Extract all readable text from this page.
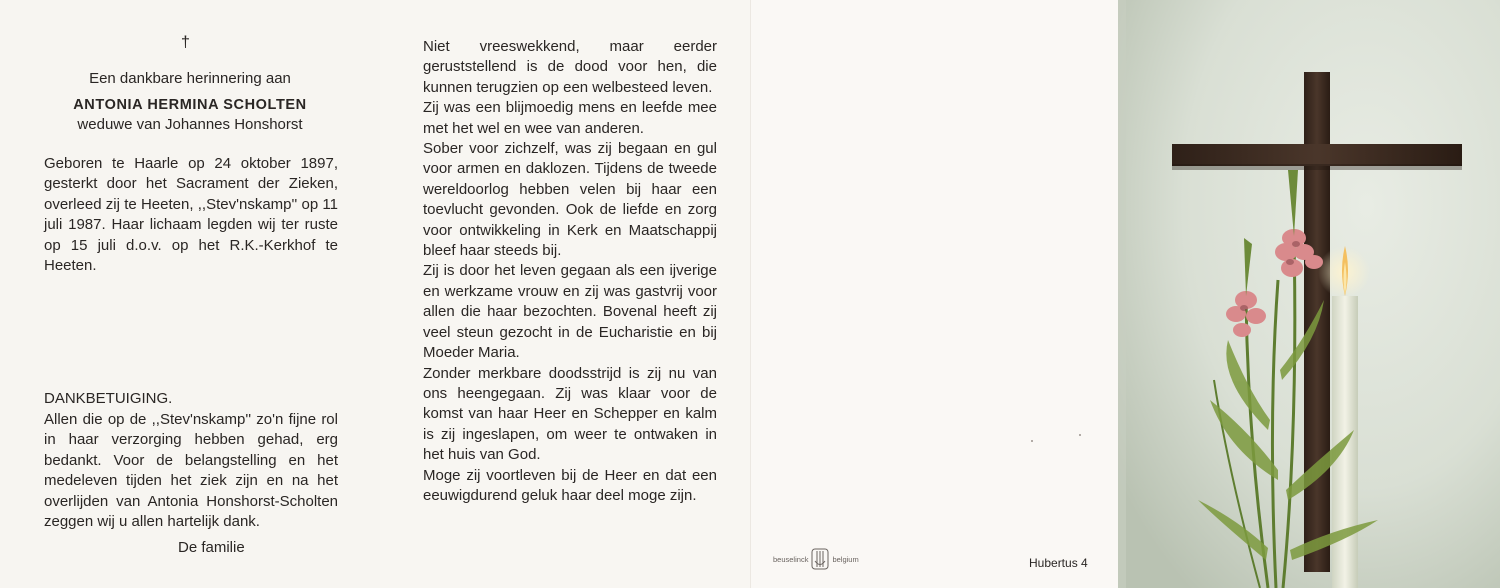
†
Een dankbare herinnering aan
ANTONIA HERMINA SCHOLTEN
weduwe van Johannes Honshorst
Geboren te Haarle op 24 oktober 1897, gesterkt door het Sacrament der Zieken, overleed zij te Heeten, ,,Stev'nskamp'' op 11 juli 1987. Haar lichaam legden wij ter ruste op 15 juli d.o.v. op het R.K.-Kerkhof te Heeten.
DANKBETUIGING.
Allen die op de ,,Stev'nskamp'' zo'n fijne rol in haar verzorging hebben gehad, erg bedankt. Voor de belangstelling en het medeleven tijden het ziek zijn en na het overlijden van Antonia Honshorst-Scholten zeggen wij u allen hartelijk dank.
De familie

Niet vreeswekkend, maar eerder geruststellend is de dood voor hen, die kunnen terugzien op een welbesteed leven.

Zij was een blijmoedig mens en leefde mee met het wel en wee van anderen.

Sober voor zichzelf, was zij begaan en gul voor armen en daklozen. Tijdens de tweede wereldoorlog hebben velen bij haar een toevlucht gevonden. Ook de liefde en zorg voor ontwikkeling in Kerk en Maatschappij bleef haar steeds bij.

Zij is door het leven gegaan als een ijverige en werkzame vrouw en zij was gastvrij voor allen die haar bezochten. Bovenal heeft zij veel steun gezocht in de Eucharistie en bij Moeder Maria.

Zonder merkbare doodsstrijd is zij nu van ons heengegaan. Zij was klaar voor de komst van haar Heer en Schepper en kalm is zij ingeslapen, om weer te ontwaken in het huis van God.

Moge zij voortleven bij de Heer en dat een eeuwigdurend geluk haar deel moge zijn.

beuselinck	belgium	Hubertus 4
